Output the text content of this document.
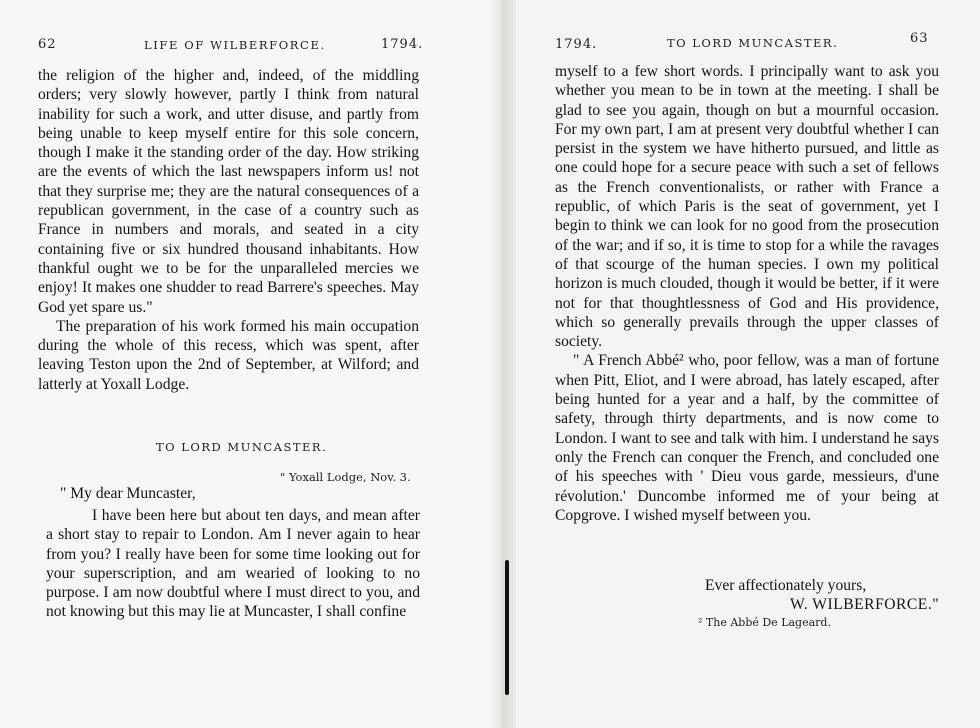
62	LIFE OF WILBERFORCE.	1794.

the religion of the higher and, indeed, of the middling orders; very slowly however, partly I think from natural inability for such a work, and utter disuse, and partly from being unable to keep myself entire for this sole concern, though I make it the standing order of the day. How striking are the events of which the last newspapers inform us! not that they surprise me; they are the natural consequences of a republican government, in the case of a country such as France in numbers and morals, and seated in a city containing five or six hundred thousand inhabitants. How thankful ought we to be for the unparalleled mercies we enjoy! It makes one shudder to read Barrere's speeches. May God yet spare us."

The preparation of his work formed his main occupation during the whole of this recess, which was spent, after leaving Teston upon the 2nd of September, at Wilford; and latterly at Yoxall Lodge.

TO LORD MUNCASTER.
" Yoxall Lodge, Nov. 3.
" My dear Muncaster,

I have been here but about ten days, and mean after a short stay to repair to London. Am I never again to hear from you? I really have been for some time looking out for your superscription, and am wearied of looking to no purpose. I am now doubtful where I must direct to you, and not knowing but this may lie at Muncaster, I shall confine

1794.	TO LORD MUNCASTER.	63

myself to a few short words. I principally want to ask you whether you mean to be in town at the meeting. I shall be glad to see you again, though on but a mournful occasion. For my own part, I am at present very doubtful whether I can persist in the system we have hitherto pursued, and little as one could hope for a secure peace with such a set of fellows as the French conventionalists, or rather with France a republic, of which Paris is the seat of government, yet I begin to think we can look for no good from the prosecution of the war; and if so, it is time to stop for a while the ravages of that scourge of the human species. I own my political horizon is much clouded, though it would be better, if it were not for that thoughtlessness of God and His providence, which so generally prevails through the upper classes of society.

" A French Abbé² who, poor fellow, was a man of fortune when Pitt, Eliot, and I were abroad, has lately escaped, after being hunted for a year and a half, by the committee of safety, through thirty departments, and is now come to London. I want to see and talk with him. I understand he says only the French can conquer the French, and concluded one of his speeches with ' Dieu vous garde, messieurs, d'une révolution.' Duncombe informed me of your being at Copgrove. I wished myself between you.

Ever affectionately yours,
W. WILBERFORCE."
² The Abbé De Lageard.
